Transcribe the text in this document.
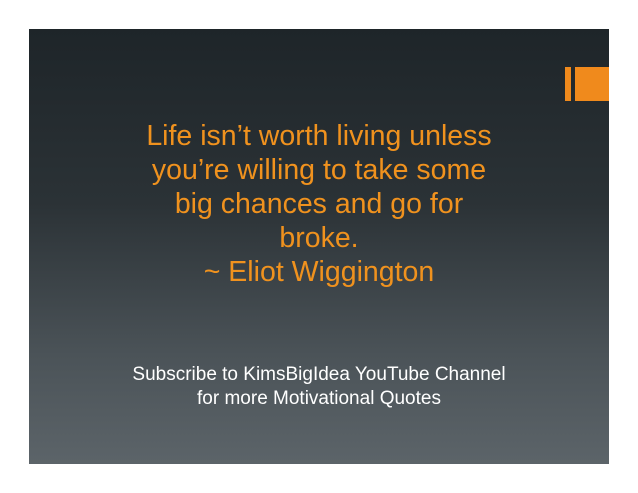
Life isn’t worth living unless
you’re willing to take some
big chances and go for
broke.
~ Eliot Wiggington
Subscribe to KimsBigIdea YouTube Channel
for more Motivational Quotes
